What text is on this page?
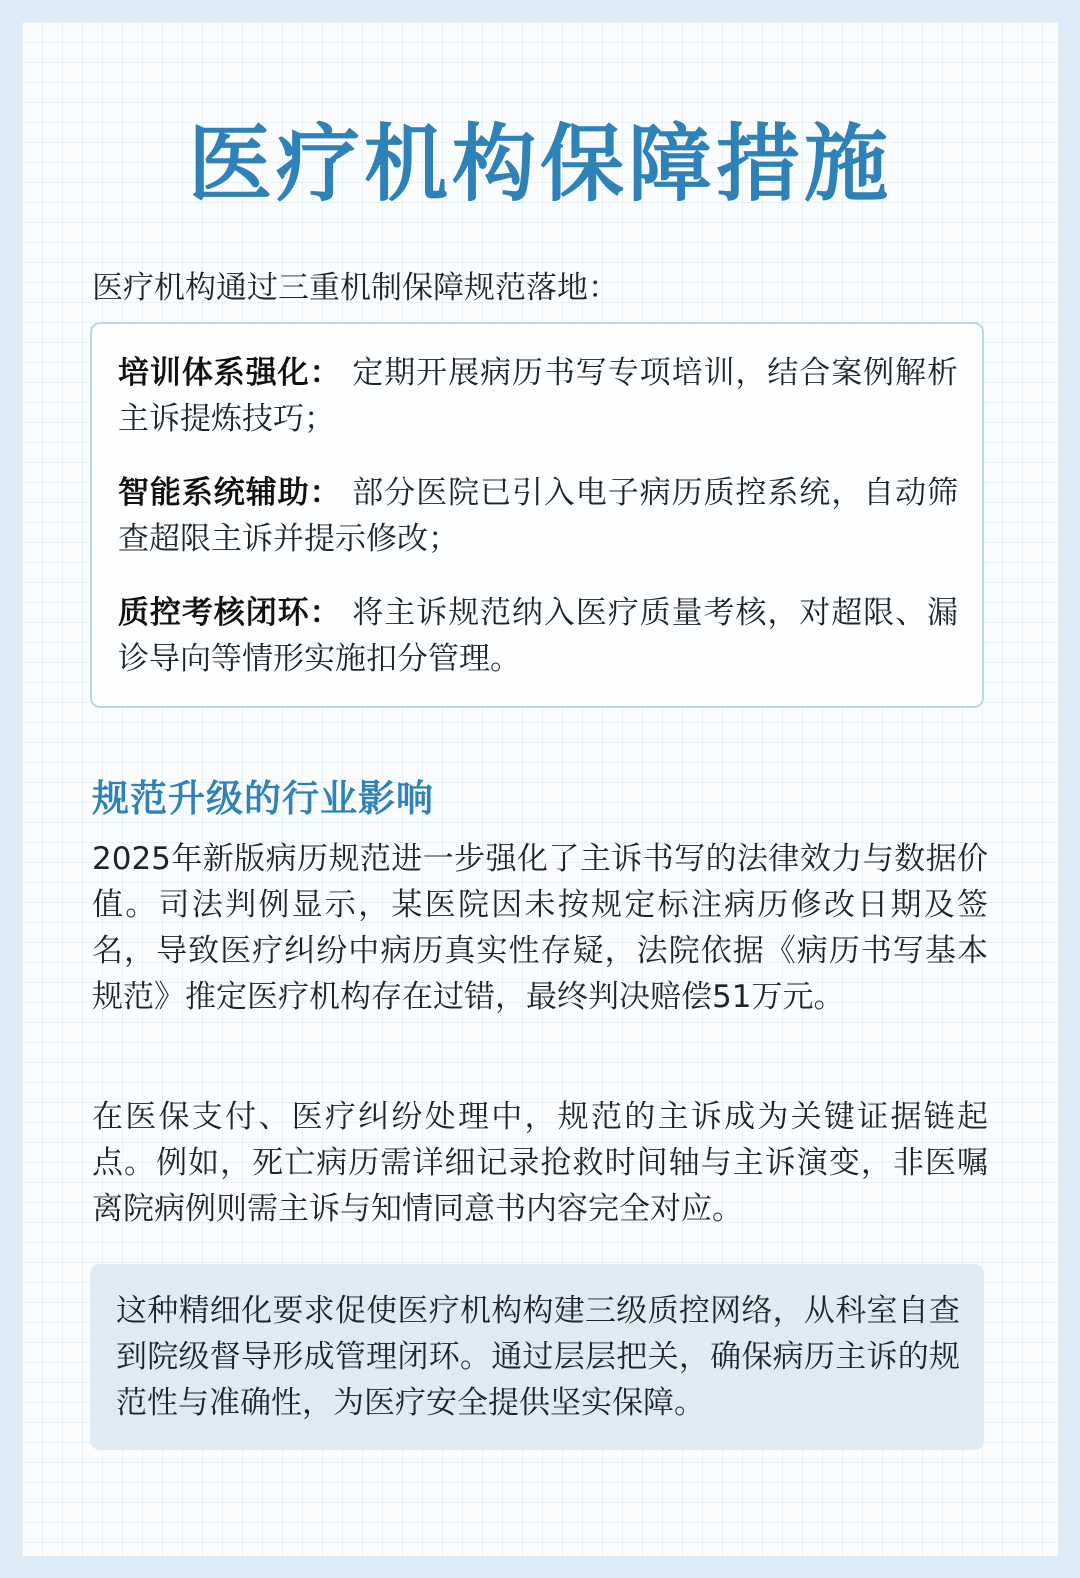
医疗机构保障措施

医疗机构通过三重机制保障规范落地：

培训体系强化： 定期开展病历书写专项培训，结合案例解析主诉提炼技巧；

智能系统辅助： 部分医院已引入电子病历质控系统，自动筛查超限主诉并提示修改；

质控考核闭环： 将主诉规范纳入医疗质量考核，对超限、漏诊导向等情形实施扣分管理。

规范升级的行业影响

2025年新版病历规范进一步强化了主诉书写的法律效力与数据价值。司法判例显示，某医院因未按规定标注病历修改日期及签名，导致医疗纠纷中病历真实性存疑，法院依据《病历书写基本规范》推定医疗机构存在过错，最终判决赔偿51万元。

在医保支付、医疗纠纷处理中，规范的主诉成为关键证据链起点。例如，死亡病历需详细记录抢救时间轴与主诉演变，非医嘱离院病例则需主诉与知情同意书内容完全对应。

这种精细化要求促使医疗机构构建三级质控网络，从科室自查到院级督导形成管理闭环。通过层层把关，确保病历主诉的规范性与准确性，为医疗安全提供坚实保障。
